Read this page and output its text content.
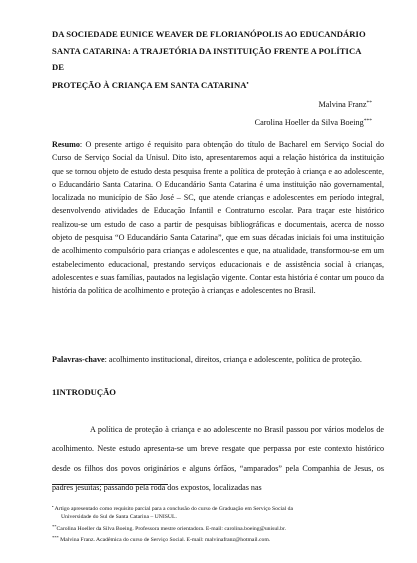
DA SOCIEDADE EUNICE WEAVER DE FLORIANÓPOLIS AO EDUCANDÁRIO
SANTA CATARINA: A TRAJETÓRIA DA INSTITUIÇÃO FRENTE A POLÍTICA DE
PROTEÇÃO À CRIANÇA EM SANTA CATARINA•
Malvina Franz**
Carolina Hoeller da Silva Boeing***
Resumo: O presente artigo é requisito para obtenção do título de Bacharel em Serviço Social do Curso de Serviço Social da Unisul. Dito isto, apresentaremos aqui a relação histórica da instituição que se tornou objeto de estudo desta pesquisa frente a política de proteção à criança e ao adolescente, o Educandário Santa Catarina. O Educandário Santa Catarina é uma instituição não governamental, localizada no município de São José – SC, que atende crianças e adolescentes em período integral, desenvolvendo atividades de Educação Infantil e Contraturno escolar. Para traçar este histórico realizou-se um estudo de caso a partir de pesquisas bibliográficas e documentais, acerca de nosso objeto de pesquisa “O Educandário Santa Catarina”, que em suas décadas iniciais foi uma instituição de acolhimento compulsório para crianças e adolescentes e que, na atualidade, transformou-se em um estabelecimento educacional, prestando serviços educacionais e de assistência social à crianças, adolescentes e suas famílias, pautados na legislação vigente. Contar esta história é contar um pouco da história da política de acolhimento e proteção à crianças e adolescentes no Brasil.
Palavras-chave: acolhimento institucional, direitos, criança e adolescente, política de proteção.
1INTRODUÇÃO
A política de proteção à criança e ao adolescente no Brasil passou por vários modelos de acolhimento. Neste estudo apresenta-se um breve resgate que perpassa por este contexto histórico desde os filhos dos povos originários e alguns órfãos, “amparados” pela Companhia de Jesus, os padres jesuítas; passando pela roda dos expostos, localizadas nas
• Artigo apresentado como requisito parcial para a conclusão do curso de Graduação em Serviço Social da
Universidade do Sul de Santa Catarina – UNISUL.
**Carolina Hoeller da Silva Boeing. Professora mestre orientadora. E-mail: carolina.boeing@unisul.br.
*** Malvina Franz. Acadêmica do curso de Serviço Social. E-mail: malvinafranz@hotmail.com.
